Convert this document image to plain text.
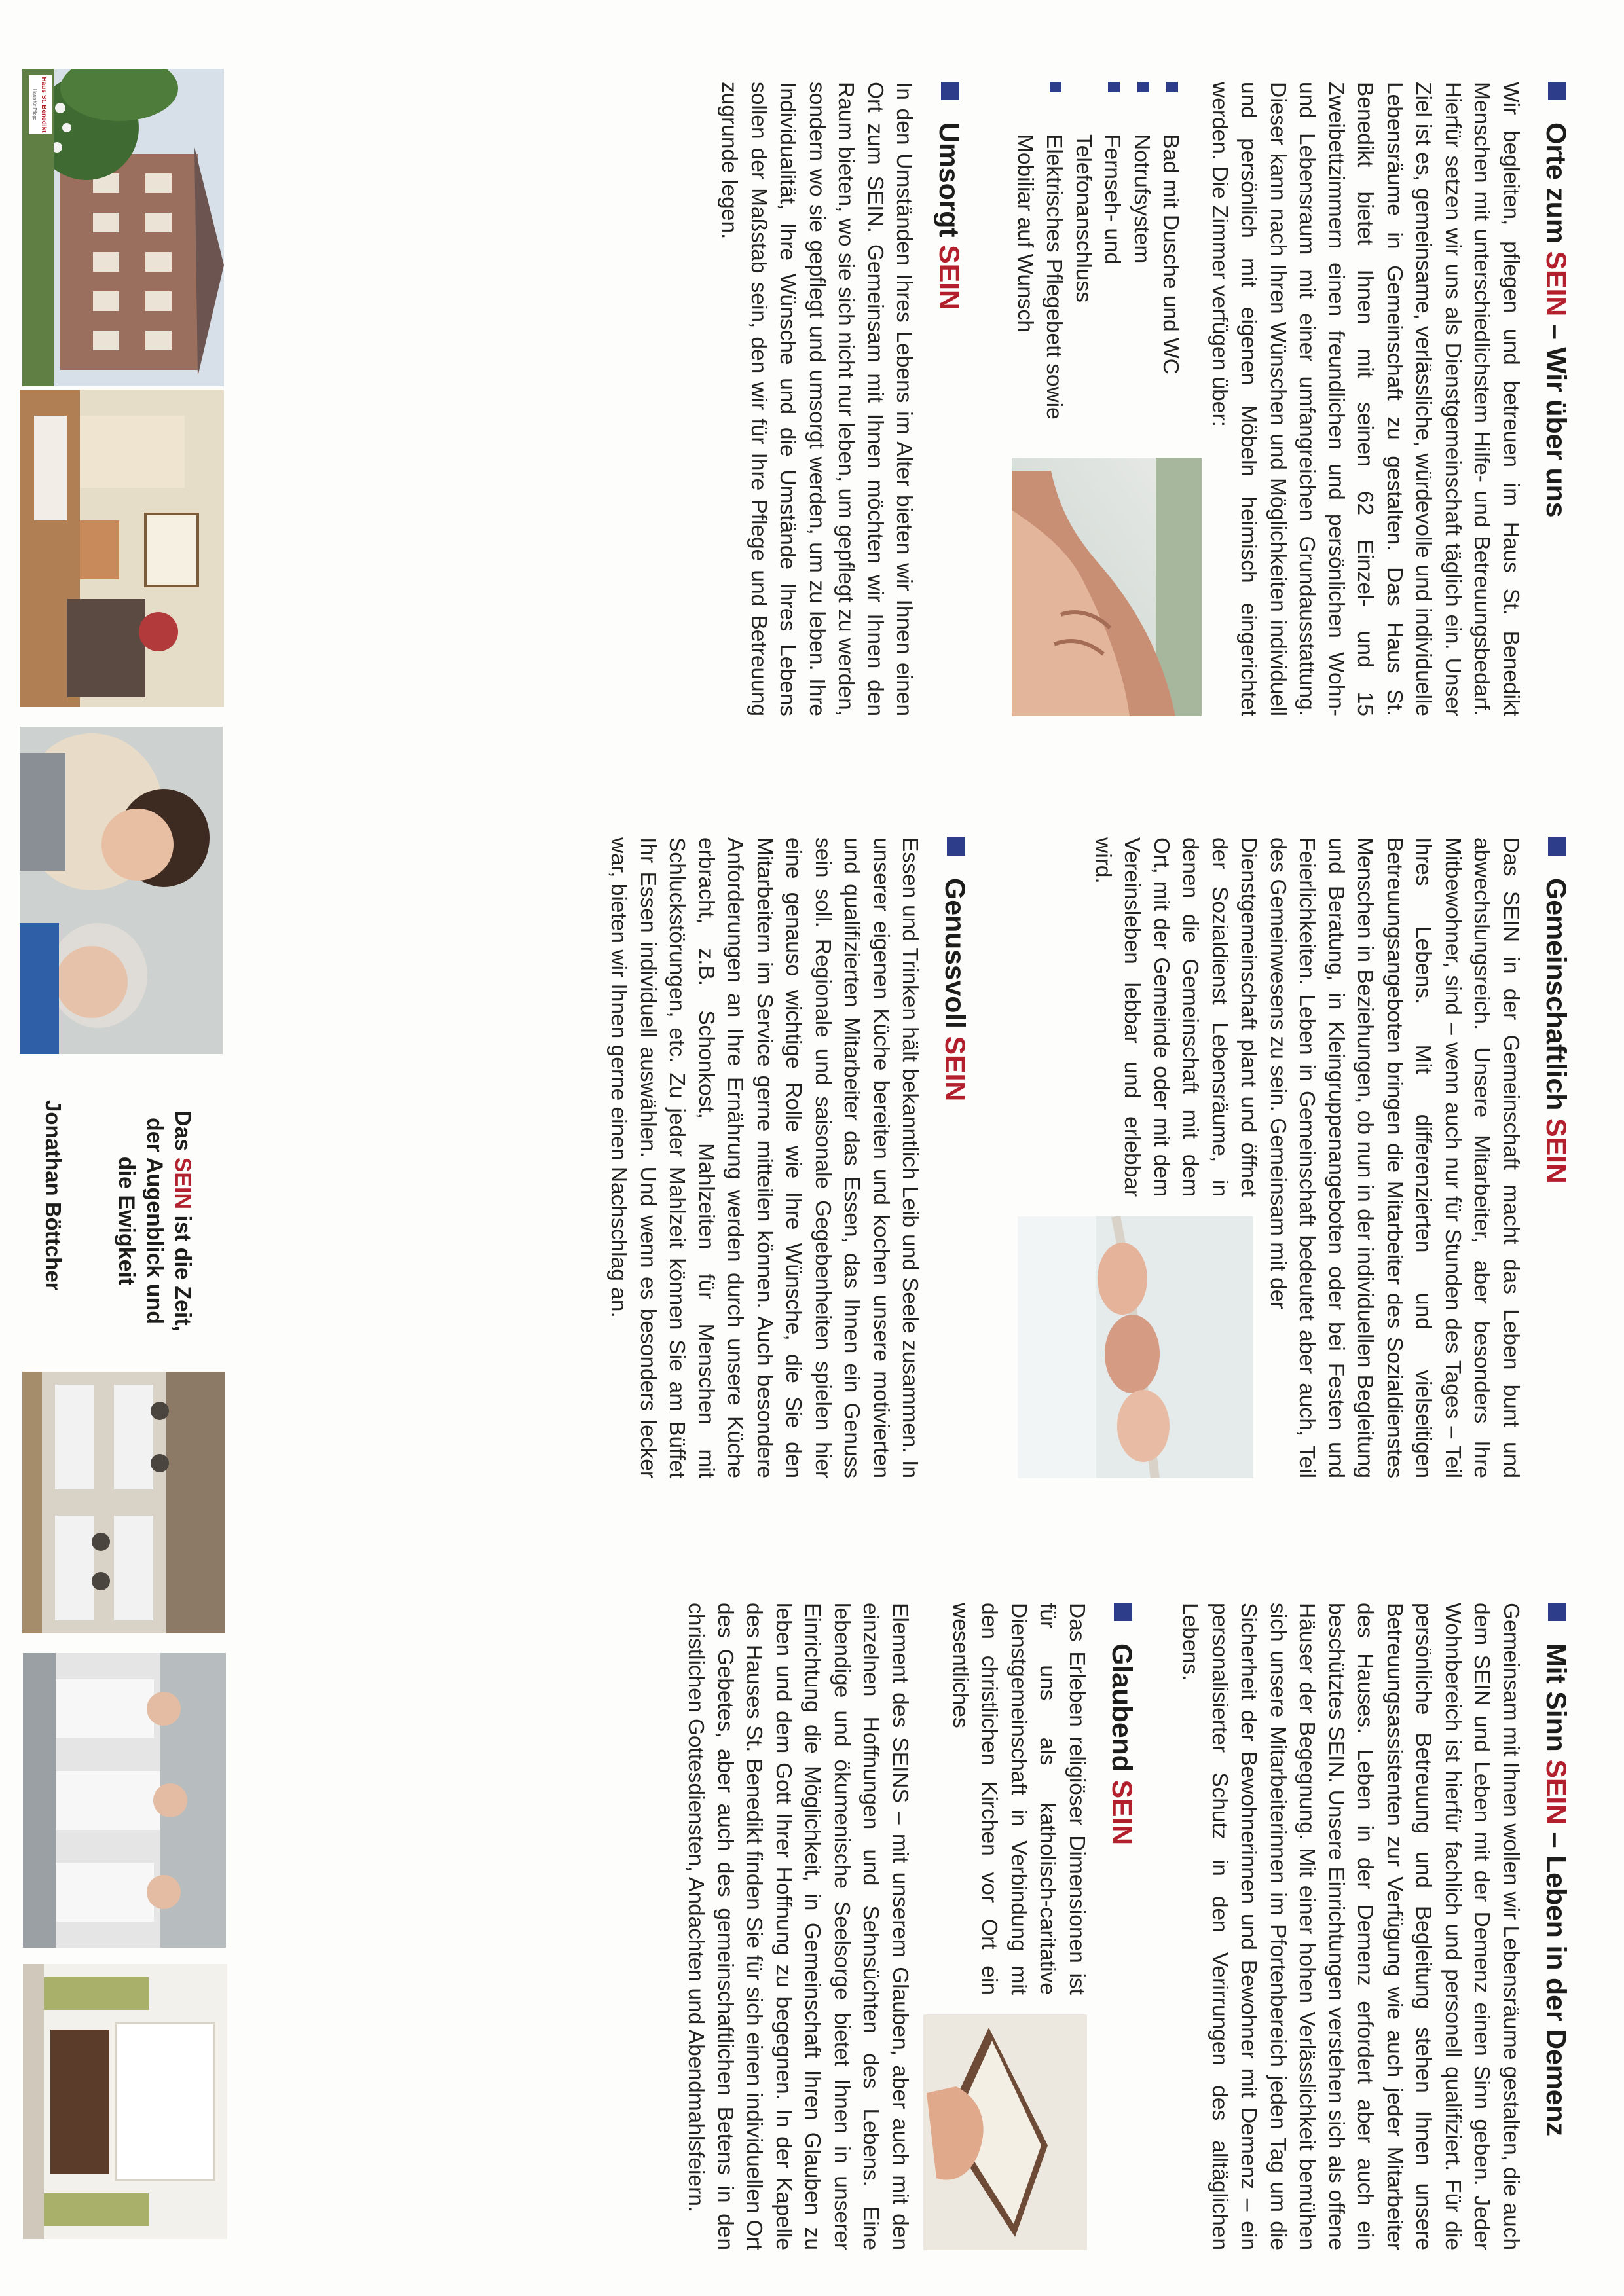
Orte zum SEIN – Wir über uns

Wir begleiten, pflegen und betreuen im Haus St. Benedikt Menschen mit unterschiedlichstem Hilfe- und Betreuungsbedarf. Hierfür setzen wir uns als Dienstgemeinschaft täglich ein. Unser Ziel ist es, gemeinsame, verlässliche, würdevolle und individuelle Lebensräume in Gemeinschaft zu gestalten. Das Haus St. Benedikt bietet Ihnen mit seinen 62 Einzel- und 15 Zweibettzimmern einen freundlichen und persönlichen Wohn- und Lebensraum mit einer umfangreichen Grundausstattung. Dieser kann nach Ihren Wünschen und Möglichkeiten individuell und persönlich mit eigenen Möbeln heimisch eingerichtet werden. Die Zimmer verfügen über:

Bad mit Dusche und WC
Notrufsystem
Fernseh- und Telefonanschluss
Elektrisches Pflegebett sowie Mobiliar auf Wunsch
Umsorgt SEIN

In den Umständen Ihres Lebens im Alter bieten wir Ihnen einen Ort zum SEIN. Gemeinsam mit Ihnen möchten wir Ihnen den Raum bieten, wo sie sich nicht nur leben, um gepflegt zu werden, sondern wo sie gepflegt und umsorgt werden, um zu leben. Ihre Individualität, Ihre Wünsche und die Umstände Ihres Lebens sollen der Maßstab sein, den wir für Ihre Pflege und Betreuung zugrunde legen.

Gemeinschaftlich SEIN

Das SEIN in der Gemeinschaft macht das Leben bunt und abwechslungsreich. Unsere Mitarbeiter, aber besonders Ihre Mitbewohner, sind – wenn auch nur für Stunden des Tages – Teil Ihres Lebens. Mit differenzierten und vielseitigen Betreuungsangeboten bringen die Mitarbeiter des Sozialdienstes Menschen in Beziehungen, ob nun in der individuellen Begleitung und Beratung, in Kleingruppenangeboten oder bei Festen und Feierlichkeiten. Leben in Gemeinschaft bedeutet aber auch, Teil des Gemeinwesens zu sein. Gemeinsam mit der

Dienstgemeinschaft plant und öffnet der Sozialdienst Lebensräume, in denen die Gemeinschaft mit dem Ort, mit der Gemeinde oder mit dem Vereinsleben lebbar und erlebbar wird.

Genussvoll SEIN

Essen und Trinken hält bekanntlich Leib und Seele zusammen. In unserer eigenen Küche bereiten und kochen unsere motivierten und qualifizierten Mitarbeiter das Essen, das Ihnen ein Genuss sein soll. Regionale und saisonale Gegebenheiten spielen hier eine genauso wichtige Rolle wie Ihre Wünsche, die Sie den Mitarbeitern im Service gerne mitteilen können. Auch besondere Anforderungen an Ihre Ernährung werden durch unsere Küche erbracht, z.B. Schonkost, Mahlzeiten für Menschen mit Schluckstörungen, etc. Zu jeder Mahlzeit können Sie am Büffet Ihr Essen individuell auswählen. Und wenn es besonders lecker war, bieten wir Ihnen gerne einen Nachschlag an.

Mit Sinn SEIN – Leben in der Demenz

Gemeinsam mit Ihnen wollen wir Lebensräume gestalten, die auch dem SEIN und Leben mit der Demenz einen Sinn geben. Jeder Wohnbereich ist hierfür fachlich und personell qualifiziert. Für die persönliche Betreuung und Begleitung stehen Ihnen unsere Betreuungsassistenten zur Verfügung wie auch jeder Mitarbeiter des Hauses. Leben in der Demenz erfordert aber auch ein beschütztes SEIN. Unsere Einrichtungen verstehen sich als offene Häuser der Begegnung. Mit einer hohen Verlässlichkeit bemühen sich unsere Mitarbeiterinnen im Pfortenbereich jeden Tag um die Sicherheit der Bewohnerinnen und Bewohner mit Demenz – ein personalisierter Schutz in den Verirrungen des alltäglichen Lebens.

Glaubend SEIN

Das Erleben religiöser Dimensionen ist für uns als katholisch-caritative Dienstgemeinschaft in Verbindung mit den christlichen Kirchen vor Ort ein wesentliches

Element des SEINS – mit unserem Glauben, aber auch mit den einzelnen Hoffnungen und Sehnsüchten des Lebens. Eine lebendige und ökumenische Seelsorge bietet Ihnen in unserer Einrichtung die Möglichkeit, in Gemeinschaft Ihren Glauben zu leben und dem Gott Ihrer Hoffnung zu begegnen. In der Kapelle des Hauses St. Benedikt finden Sie für sich einen individuellen Ort des Gebetes, aber auch des gemeinschaftlichen Betens in den christlichen Gottesdiensten, Andachten und Abendmahlsfeiern.

Haus St. Benedikt
Haus für Pflege
Das SEIN ist die Zeit,
der Augenblick und
die Ewigkeit
Jonathan Böttcher
